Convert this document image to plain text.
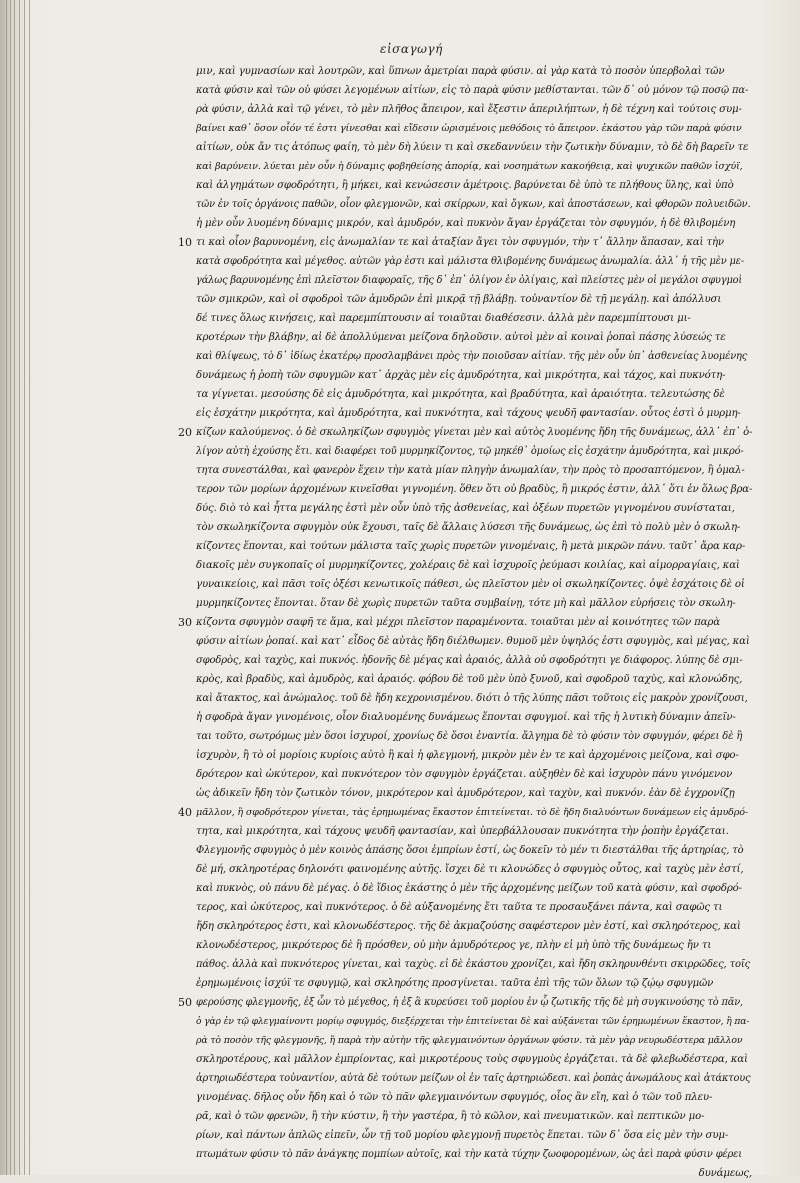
εἰσαγωγή
μιν, καὶ γυμνασίων καὶ λουτρῶν, καὶ ὕπνων ἀμετρίαι παρὰ φύσιν. αἱ γὰρ κατὰ τὸ ποσὸν ὑπερβολαὶ τῶν
κατὰ φύσιν καὶ τῶν οὐ φύσει λεγομένων αἰτίων, εἰς τὸ παρὰ φύσιν μεθίστανται. τῶν δ᾽ οὐ μόνον τῷ ποσῷ πα-
ρὰ φύσιν, ἀλλὰ καὶ τῷ γένει, τὸ μὲν πλῆθος ἄπειρον, καὶ ἔξεστιν ἀπεριλήπτων, ἡ δὲ τέχνη καὶ τούτοις συμ-
βαίνει καθ᾽ ὅσον οἷόν τέ ἐστι γίνεσθαι καὶ εἴδεσιν ὡρισμένοις μεθόδοις τὸ ἄπειρον. ἐκάστου γὰρ τῶν παρὰ φύσιν
αἰτίων, οὐκ ἄν τις ἀτόπως φαίη, τὸ μὲν δὴ λύειν τι καὶ σκεδαννύειν τὴν ζωτικὴν δύναμιν, τὸ δὲ δὴ βαρεῖν τε
καὶ βαρύνειν. λύεται μὲν οὖν ἡ δύναμις φοβηθείσης ἀπορίᾳ, καὶ νοσημάτων κακοήθειᾳ, καὶ ψυχικῶν παθῶν ἰσχύϊ,
καὶ ἀλγημάτων σφοδρότητι, ἢ μήκει, καὶ κενώσεσιν ἀμέτροις. βαρύνεται δὲ ὑπὸ τε πλήθους ὕλης, καὶ ὑπὸ
τῶν ἐν τοῖς ὀργάνοις παθῶν, οἷον φλεγμονῶν, καὶ σκίρρων, καὶ ὄγκων, καὶ ἀποστάσεων, καὶ φθορῶν πολυειδῶν.
ἡ μὲν οὖν λυομένη δύναμις μικρόν, καὶ ἀμυδρόν, καὶ πυκνὸν ἄγαν ἐργάζεται τὸν σφυγμόν, ἡ δὲ θλιβομένη
τι καὶ οἷον βαρυνομένη, εἰς ἀνωμαλίαν τε καὶ ἀταξίαν ἄγει τὸν σφυγμόν, τὴν τ᾽ ἄλλην ἅπασαν, καὶ τὴν
κατὰ σφοδρότητα καὶ μέγεθος. αὐτῶν γὰρ ἐστι καὶ μάλιστα θλιβομένης δυνάμεως ἀνωμαλία. ἀλλ᾽ ἡ τῆς μὲν με-
γάλως βαρυνομένης ἐπὶ πλεῖστον διαφοραῖς, τῆς δ᾽ ἐπ᾽ ὀλίγον ἐν ὀλίγαις, καὶ πλείστες μὲν οἱ μεγάλοι σφυγμοὶ
τῶν σμικρῶν, καὶ οἱ σφοδροὶ τῶν ἀμυδρῶν ἐπὶ μικρᾷ τῇ βλάβῃ. τοὐναντίον δὲ τῇ μεγάλῃ. καὶ ἀπόλλυσι
δέ τινες ὅλως κινήσεις, καὶ παρεμπίπτουσιν αἱ τοιαῦται διαθέσεσιν. ἀλλὰ μὲν παρεμπίπτουσι μι-
κροτέρων τὴν βλάβην, αἱ δὲ ἀπολλύμεναι μείζονα δηλοῦσιν. αὐτοὶ μὲν αἱ κοιναὶ ῥοπαὶ πάσης λύσεώς τε
καὶ θλίψεως, τὸ δ᾽ ἰδίως ἑκατέρῳ προσλαμβάνει πρὸς τὴν ποιοῦσαν αἰτίαν. τῆς μὲν οὖν ὑπ᾽ ἀσθενείας λυομένης
δυνάμεως ἡ ῥοπὴ τῶν σφυγμῶν κατ᾽ ἀρχὰς μὲν εἰς ἀμυδρότητα, καὶ μικρότητα, καὶ τάχος, καὶ πυκνότη-
τα γίγνεται. μεσούσης δὲ εἰς ἀμυδρότητα, καὶ μικρότητα, καὶ βραδύτητα, καὶ ἀραιότητα. τελευτώσης δὲ
εἰς ἐσχάτην μικρότητα, καὶ ἀμυδρότητα, καὶ πυκνότητα, καὶ τάχους ψευδῆ φαντασίαν. οὗτος ἐστὶ ὁ μυρμη-
κίζων καλούμενος. ὁ δὲ σκωληκίζων σφυγμὸς γίνεται μὲν καὶ αὐτὸς λυομένης ἤδη τῆς δυνάμεως, ἀλλ᾽ ἐπ᾽ ὀ-
λίγον αὐτὴ ἐχούσης ἔτι. καὶ διαφέρει τοῦ μυρμηκίζοντος, τῷ μηκέθ᾽ ὁμοίως εἰς ἐσχάτην ἀμυδρότητα, καὶ μικρό-
τητα συνεστάλθαι, καὶ φανερὸν ἔχειν τὴν κατὰ μίαν πληγὴν ἀνωμαλίαν, τὴν πρὸς τὸ προσαπτόμενον, ἢ ὁμαλ-
τερον τῶν μορίων ἀρχομένων κινεῖσθαι γιγνομένη. ὅθεν ὅτι οὐ βραδὺς, ἢ μικρός ἐστιν, ἀλλ᾽ ὅτι ἐν ὅλως βρα-
δύς. διὸ τὸ καὶ ἧττα μεγάλης ἐστὶ μὲν οὖν ὑπὸ τῆς ἀσθενείας, καὶ ὀξέων πυρετῶν γιγνομένου συνίσταται,
τὸν σκωληκίζοντα σφυγμὸν οὐκ ἔχουσι, ταῖς δὲ ἄλλαις λύσεσι τῆς δυνάμεως, ὡς ἐπὶ τὸ πολὺ μὲν ὁ σκωλη-
κίζοντες ἕπονται, καὶ τούτων μάλιστα ταῖς χωρὶς πυρετῶν γινομέναις, ἢ μετὰ μικρῶν πάνυ. ταῦτ᾽ ἄρα καρ-
διακοῖς μὲν συγκοπαῖς οἱ μυρμηκίζοντες, χολέραις δὲ καὶ ἰσχυροῖς ῥεύμασι κοιλίας, καὶ αἱμορραγίαις, καὶ
γυναικείοις, καὶ πᾶσι τοῖς ὀξέσι κενωτικοῖς πάθεσι, ὡς πλεῖστον μὲν οἱ σκωληκίζοντες. ὀψὲ ἐσχάτοις δὲ οἱ
μυρμηκίζοντες ἕπονται. ὅταν δὲ χωρὶς πυρετῶν ταῦτα συμβαίνῃ, τότε μὴ καὶ μᾶλλον εὑρήσεις τὸν σκωλη-
κίζοντα σφυγμὸν σαφῆ τε ἅμα, καὶ μέχρι πλεῖστον παραμένοντα. τοιαῦται μὲν αἱ κοινότητες τῶν παρὰ
φύσιν αἰτίων ῥοπαί. καὶ κατ᾽ εἶδος δὲ αὐτὰς ἤδη διέλθωμεν. θυμοῦ μὲν ὑψηλός ἐστι σφυγμὸς, καὶ μέγας, καὶ
σφοδρὸς, καὶ ταχὺς, καὶ πυκνός. ἡδονῆς δὲ μέγας καὶ ἀραιός, ἀλλὰ οὐ σφοδρότητι γε διάφορος. λύπης δὲ σμι-
κρὸς, καὶ βραδὺς, καὶ ἀμυδρὸς, καὶ ἀραιός. φόβου δὲ τοῦ μὲν ὑπὸ ξυνοῦ, καὶ σφοδροῦ ταχὺς, καὶ κλονώδης,
καὶ ἄτακτος, καὶ ἀνώμαλος. τοῦ δὲ ἤδη κεχρονισμένου. διότι ὁ τῆς λύπης πᾶσι τοῦτοις εἰς μακρὸν χρονίζουσι,
ἡ σφοδρὰ ἄγαν γινομένοις, οἷον διαλυομένης δυνάμεως ἕπονται σφυγμοί. καὶ τῆς ἡ λυτικὴ δύναμιν ἀπεῖν-
ται τοῦτο, σωτρόμως μὲν ὅσοι ἰσχυροί, χρονίως δὲ ὅσοι ἐναντία. ἄλγημα δὲ τὸ φύσιν τὸν σφυγμόν, φέρει δὲ ἢ
ἰσχυρὸν, ἢ τὸ οἱ μορίοις κυρίοις αὐτὸ ἢ καὶ ἡ φλεγμονή, μικρὸν μὲν ἐν τε καὶ ἀρχομένοις μείζονα, καὶ σφο-
δρότερον καὶ ὠκύτερον, καὶ πυκνότερον τὸν σφυγμὸν ἐργάζεται. αὐξηθὲν δὲ καὶ ἰσχυρὸν πάνυ γινόμενον
ὡς ἀδικεῖν ἤδη τὸν ζωτικὸν τόνον, μικρότερον καὶ ἀμυδρότερον, καὶ ταχὺν, καὶ πυκνόν. ἐὰν δὲ ἐγχρονίζῃ
μᾶλλον, ἢ σφοδρότερον γίνεται, τὰς ἐρημωμένας ἔκαστον ἐπιτείνεται. τὸ δὲ ἤδη διαλυόντων δυνάμεων εἰς ἀμυδρό-
τητα, καὶ μικρότητα, καὶ τάχους ψευδῆ φαντασίαν, καὶ ὑπερβάλλουσαν πυκνότητα τὴν ῥοπὴν ἐργάζεται.
Φλεγμονῆς σφυγμὸς ὁ μὲν κοινὸς ἁπάσης ὅσοι ἐμπρίων ἐστί, ὡς δοκεῖν τὸ μέν τι διεστάλθαι τῆς ἀρτηρίας, τὸ
δὲ μή, σκληροτέρας δηλονότι φαινομένης αὐτῆς. ἴσχει δὲ τι κλονώδες ὁ σφυγμὸς οὗτος, καὶ ταχὺς μὲν ἐστί,
καὶ πυκνὸς, οὐ πάνυ δὲ μέγας. ὁ δὲ ἴδιος ἑκάστης ὁ μὲν τῆς ἀρχομένης μείζων τοῦ κατὰ φύσιν, καὶ σφοδρό-
τερος, καὶ ὠκύτερος, καὶ πυκνότερος. ὁ δὲ αὐξανομένης ἔτι ταῦτα τε προσαυξάνει πάντα, καὶ σαφῶς τι
ἤδη σκληρότερος ἐστι, καὶ κλονωδέστερος. τῆς δὲ ἀκμαζούσης σαφέστερον μὲν ἐστί, καὶ σκληρότερος, καὶ
κλονωδέστερος, μικρότερος δὲ ἢ πρόσθεν, οὐ μὴν ἀμυδρότερος γε, πλὴν εἰ μὴ ὑπὸ τῆς δυνάμεως ἤν τι
πάθος. ἀλλὰ καὶ πυκνότερος γίνεται, καὶ ταχὺς. εἰ δὲ ἐκάστου χρονίζει, καὶ ἤδη σκληρυνθέντι σκιρρῶδες, τοῖς
ἐρημωμένοις ἰσχύϊ τε σφυγμῷ, καὶ σκληρότης προσγίνεται. ταῦτα ἐπὶ τῆς τῶν ὅλων τῷ ζῴῳ σφυγμῶν
φερούσης φλεγμονῆς, ἐξ ὧν τὸ μέγεθος, ἡ ἐξ ἃ κυρεύσει τοῦ μορίου ἐν ᾧ ζωτικῆς τῆς δὲ μὴ συγκινούσης τὸ πᾶν,
ὁ γὰρ ἐν τῷ φλεγμαίνοντι μορίῳ σφυγμός, διεξέρχεται τὴν ἐπιτείνεται δὲ καὶ αὐξάνεται τῶν ἐρημωμένων ἕκαστον, ἢ πα-
ρὰ τὸ ποσὸν τῆς φλεγμονῆς, ἢ παρὰ τὴν αὐτὴν τῆς φλεγμαινόντων ὀργάνων φύσιν. τὰ μὲν γὰρ νευρωδέστερα μᾶλλον
σκληροτέρους, καὶ μᾶλλον ἐμπρίοντας, καὶ μικροτέρους τοὺς σφυγμοὺς ἐργάζεται. τὰ δὲ φλεβωδέστερα, καὶ
ἀρτηριωδέστερα τοὐναντίον, αὐτὰ δὲ τούτων μείζων οἱ ἐν ταῖς ἀρτηριώδεσι. καὶ ῥοπὰς ἀνωμάλους καὶ ἀτάκτους
γινομένας. δῆλος οὖν ἤδη καὶ ὁ τῶν τὸ πᾶν φλεγμαινόντων σφυγμός, οἷος ἂν εἴη, καὶ ὁ τῶν τοῦ πλευ-
ρᾶ, καὶ ὁ τῶν φρενῶν, ἢ τὴν κύστιν, ἢ τὴν γαστέρα, ἢ τὸ κῶλον, καὶ πνευματικῶν. καὶ πεπτικῶν μο-
ρίων, καὶ πάντων ἁπλῶς εἰπεῖν, ὧν τῇ τοῦ μορίου φλεγμονῇ πυρετὸς ἕπεται. τῶν δ᾽ ὅσα εἰς μὲν τὴν συμ-
πτωμάτων φύσιν τὸ πᾶν ἀνάγκης πομπίων αὐτοῖς, καὶ τὴν κατὰ τύχην ζωοφορομένων, ὡς ἀεὶ παρὰ φύσιν φέρει
δυνάμεως,
10
20
30
40
50
